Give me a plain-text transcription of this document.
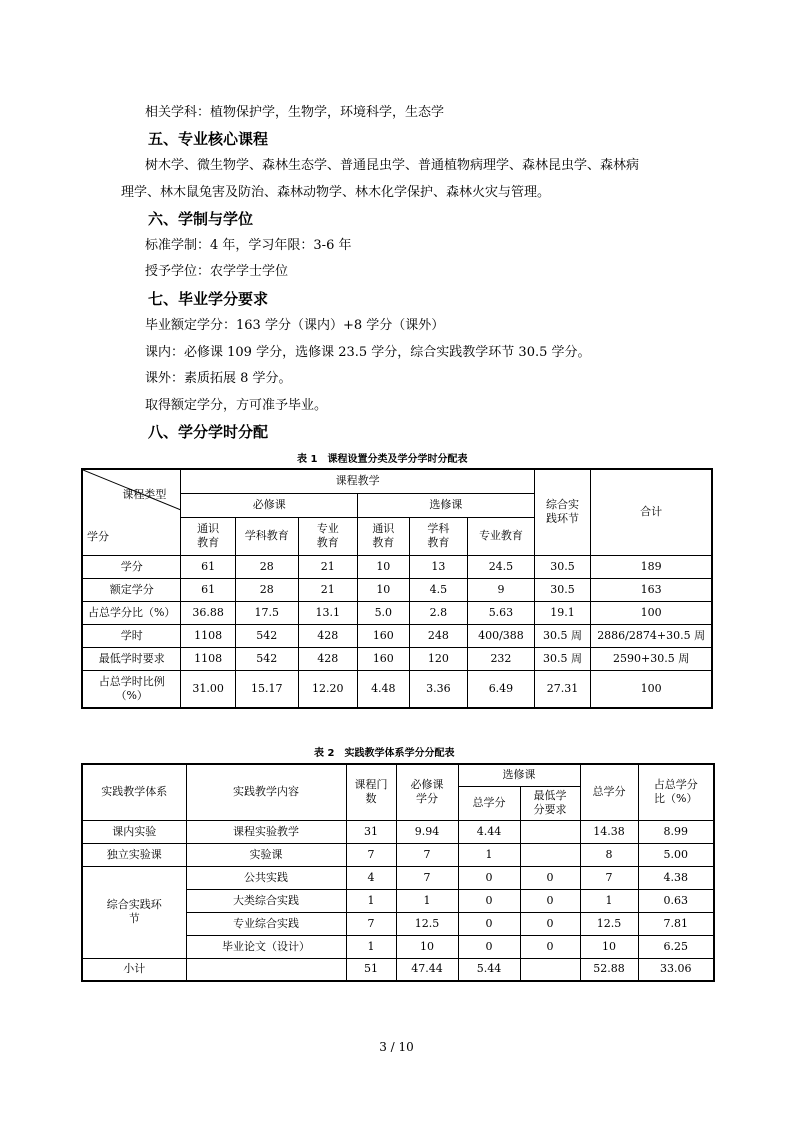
相关学科：植物保护学，生物学，环境科学，生态学
五、专业核心课程
树木学、微生物学、森林生态学、普通昆虫学、普通植物病理学、森林昆虫学、森林病
理学、林木鼠兔害及防治、森林动物学、林木化学保护、森林火灾与管理。
六、学制与学位
标准学制：4 年，学习年限：3-6 年
授予学位：农学学士学位
七、毕业学分要求
毕业额定学分：163 学分（课内）+8 学分（课外）
课内：必修课 109 学分，选修课 23.5 学分，综合实践教学环节 30.5 学分。
课外：素质拓展 8 学分。
取得额定学分，方可准予毕业。
八、学分学时分配
表 1　课程设置分类及学分学时分配表
课程类型
学分	课程教学						综合实践环节	合计
	必修课			选修课				
	通识教育	学科教育	专业教育	通识教育	学科教育	专业教育		
学分	61	28	21	10	13	24.5	30.5	189
额定学分	61	28	21	10	4.5	9	30.5	163
占总学分比（%）	36.88	17.5	13.1	5.0	2.8	5.63	19.1	100
学时	1108	542	428	160	248	400/388	30.5 周	2886/2874+30.5 周
最低学时要求	1108	542	428	160	120	232	30.5 周	2590+30.5 周
占总学时比例（%）	31.00	15.17	12.20	4.48	3.36	6.49	27.31	100
表 2　实践教学体系学分分配表
实践教学体系	实践教学内容	课程门数	必修课学分	选修课		总学分	占总学分比（%）
				总学分	最低学分要求		
课内实验	课程实验教学	31	9.94	4.44		14.38	8.99
独立实验课	实验课	7	7	1		8	5.00
综合实践环节	公共实践	4	7	0	0	7	4.38
	大类综合实践	1	1	0	0	1	0.63
	专业综合实践	7	12.5	0	0	12.5	7.81
	毕业论文（设计）	1	10	0	0	10	6.25
小计		51	47.44	5.44		52.88	33.06
3 / 10
